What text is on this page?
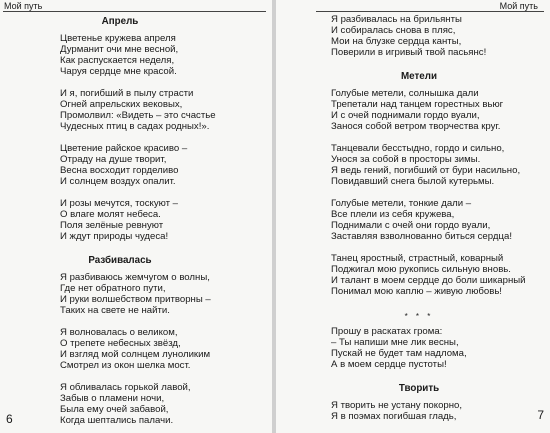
Мой путь
Апрель
Цветенье кружева апреля
Дурманит очи мне весной,
Как распускается неделя,
Чаруя сердце мне красой.
И я, погибший в пылу страсти
Огней апрельских вековых,
Промолвил: «Видеть – это счастье
Чудесных птиц в садах родных!».
Цветение райское красиво –
Отраду на душе творит,
Весна восходит горделиво
И солнцем воздух опалит.
И розы мечутся, тоскуют –
О влаге молят небеса.
Поля зелёные ревнуют
И ждут природы чудеса!
Разбивалась
Я разбиваюсь жемчугом о волны,
Где нет обратного пути,
И руки волшебством притворны –
Таких на свете не найти.
Я волновалась о великом,
О трепете небесных звёзд,
И взгляд мой солнцем луноликим
Смотрел из окон шелка мост.
Я обливалась горькой лавой,
Забыв о пламени ночи,
Была ему очей забавой,
Когда шептались палачи.
6
Мой путь
Я разбивалась на брильянты
И собиралась снова в пляс,
Мои на блузке сердца канты,
Поверили в игривый твой пасьянс!
Метели
Голубые метели, солнышка дали
Трепетали над танцем горестных вьюг
И с очей поднимали гордо вуали,
Занося собой ветром творчества круг.
Танцевали бесстыдно, гордо и сильно,
Унося за собой в просторы зимы.
Я ведь гений, погибший от бури насильно,
Повидавший снега былой кутерьмы.
Голубые метели, тонкие дали –
Все плели из себя кружева,
Поднимали с очей они гордо вуали,
Заставляя взволнованно биться сердца!
Танец яростный, страстный, коварный
Поджигал мою рукопись сильную вновь.
И талант в моем сердце до боли шикарный
Понимал мою каплю – живую любовь!
* * *
Прошу в раскатах грома:
– Ты напиши мне лик весны,
Пускай не будет там надлома,
А в моем сердце пустоты!
Творить
Я творить не устану покорно,
Я в поэмах погибшая гладь,	7
